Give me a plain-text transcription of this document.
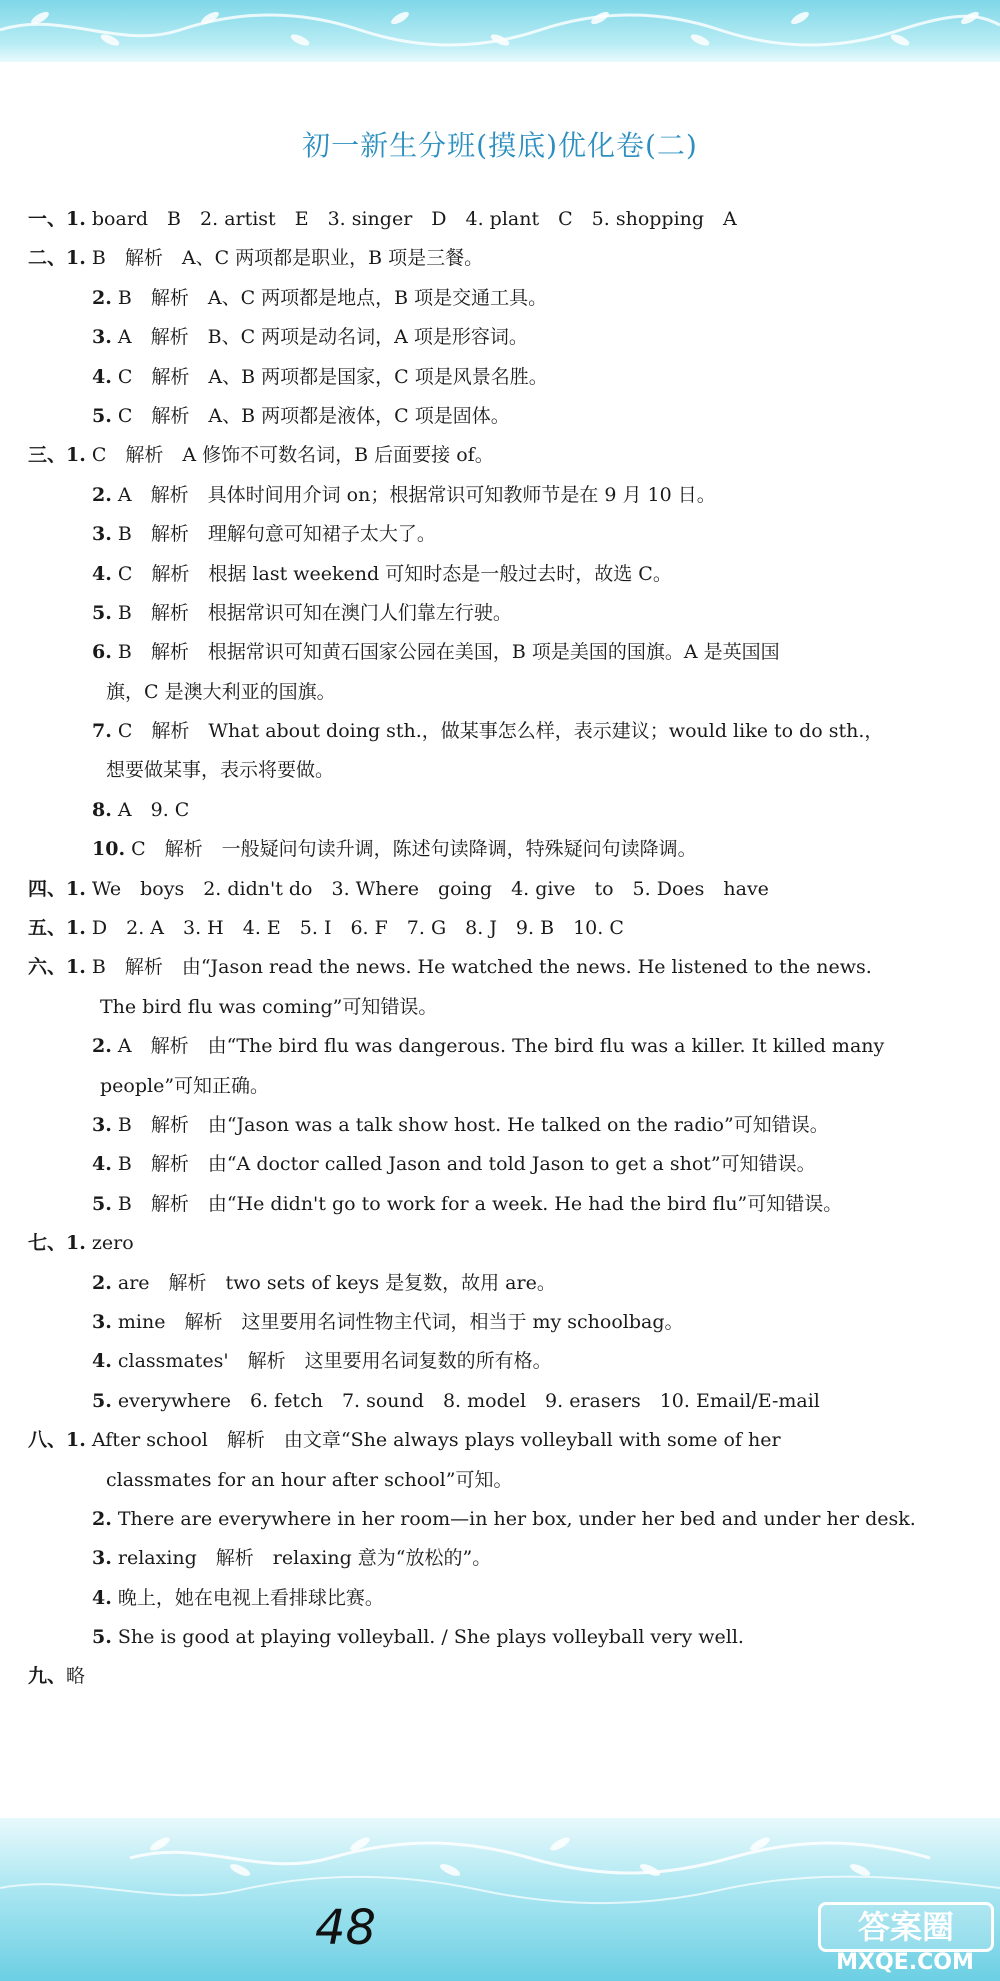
初一新生分班(摸底)优化卷(二)
一、1. board　B　2. artist　E　3. singer　D　4. plant　C　5. shopping　A
二、1. B　解析　A、C 两项都是职业，B 项是三餐。
2. B　解析　A、C 两项都是地点，B 项是交通工具。
3. A　解析　B、C 两项是动名词，A 项是形容词。
4. C　解析　A、B 两项都是国家，C 项是风景名胜。
5. C　解析　A、B 两项都是液体，C 项是固体。
三、1. C　解析　A 修饰不可数名词，B 后面要接 of。
2. A　解析　具体时间用介词 on；根据常识可知教师节是在 9 月 10 日。
3. B　解析　理解句意可知裙子太大了。
4. C　解析　根据 last weekend 可知时态是一般过去时，故选 C。
5. B　解析　根据常识可知在澳门人们靠左行驶。
6. B　解析　根据常识可知黄石国家公园在美国，B 项是美国的国旗。A 是英国国
旗，C 是澳大利亚的国旗。
7. C　解析　What about doing sth.，做某事怎么样，表示建议；would like to do sth.，
想要做某事，表示将要做。
8. A　9. C
10. C　解析　一般疑问句读升调，陈述句读降调，特殊疑问句读降调。
四、1. We　boys　2. didn't do　3. Where　going　4. give　to　5. Does　have
五、1. D　2. A　3. H　4. E　5. I　6. F　7. G　8. J　9. B　10. C
六、1. B　解析　由“Jason read the news. He watched the news. He listened to the news.
The bird flu was coming”可知错误。
2. A　解析　由“The bird flu was dangerous. The bird flu was a killer. It killed many
people”可知正确。
3. B　解析　由“Jason was a talk show host. He talked on the radio”可知错误。
4. B　解析　由“A doctor called Jason and told Jason to get a shot”可知错误。
5. B　解析　由“He didn't go to work for a week. He had the bird flu”可知错误。
七、1. zero
2. are　解析　two sets of keys 是复数，故用 are。
3. mine　解析　这里要用名词性物主代词，相当于 my schoolbag。
4. classmates'　解析　这里要用名词复数的所有格。
5. everywhere　6. fetch　7. sound　8. model　9. erasers　10. Email/E-mail
八、1. After school　解析　由文章“She always plays volleyball with some of her
classmates for an hour after school”可知。
2. There are everywhere in her room—in her box, under her bed and under her desk.
3. relaxing　解析　relaxing 意为“放松的”。
4. 晚上，她在电视上看排球比赛。
5. She is good at playing volleyball. / She plays volleyball very well.
九、略
48	答案圈
MXQE.COM
